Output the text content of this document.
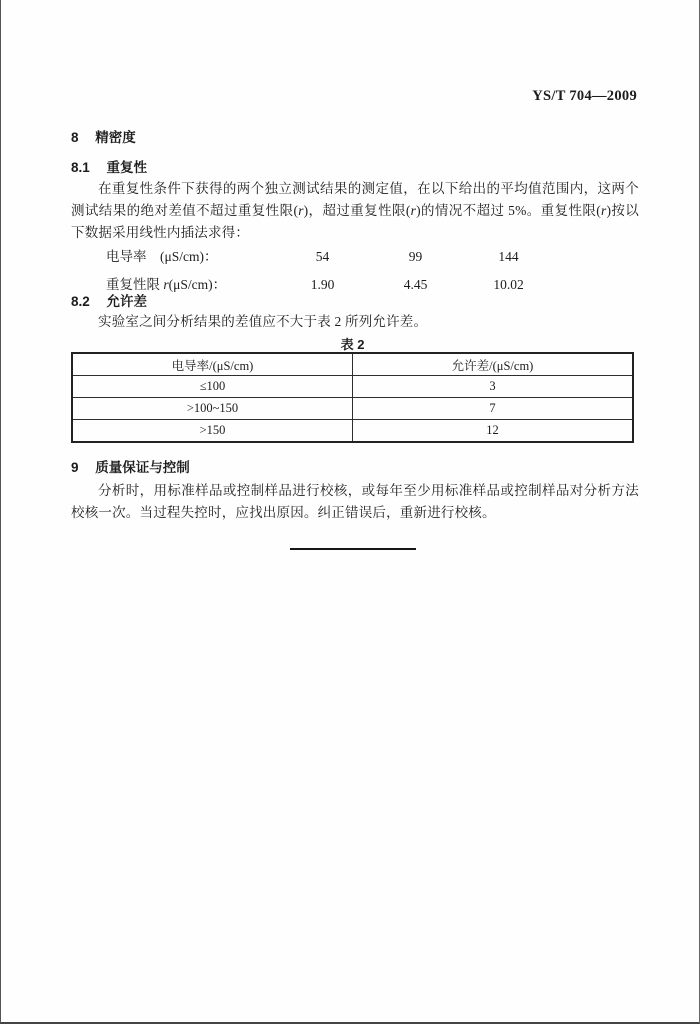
YS/T 704—2009
8 精密度
8.1 重复性

在重复性条件下获得的两个独立测试结果的测定值，在以下给出的平均值范围内，这两个测试结果的绝对差值不超过重复性限(r)，超过重复性限(r)的情况不超过 5%。重复性限(r)按以下数据采用线性内插法求得：

电导率　(μS/cm)：	54	99	144
重复性限 r(μS/cm)：	1.90	4.45	10.02
8.2 允许差

实验室之间分析结果的差值应不大于表 2 所列允许差。

表 2
电导率/(μS/cm)	允许差/(μS/cm)
≤100	3
>100~150	7
>150	12
9 质量保证与控制

分析时，用标准样品或控制样品进行校核，或每年至少用标准样品或控制样品对分析方法校核一次。当过程失控时，应找出原因。纠正错误后，重新进行校核。
